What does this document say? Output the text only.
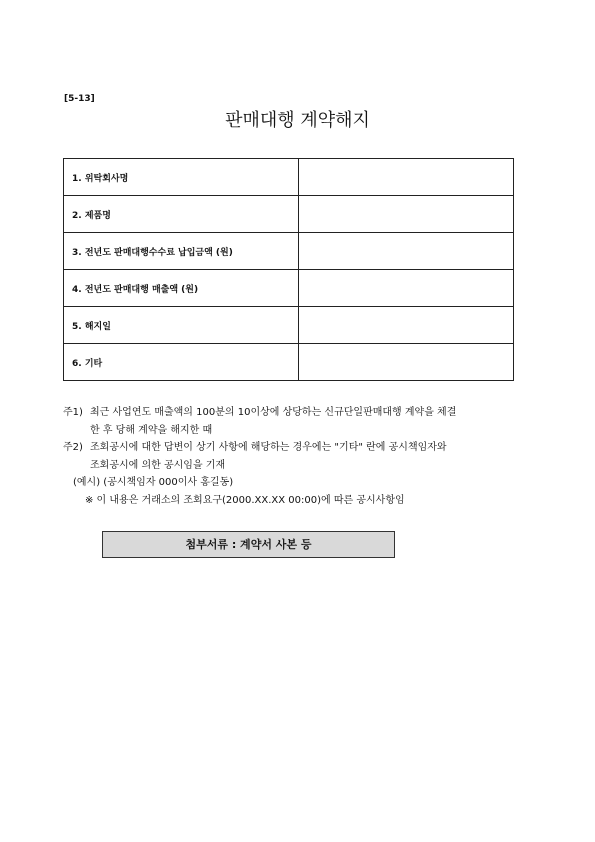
[5-13]
판매대행 계약해지
1. 위탁회사명	
2. 제품명	
3. 전년도 판매대행수수료 납입금액 (원)	
4. 전년도 판매대행 매출액 (원)	
5. 해지일	
6. 기타	
주1) 최근 사업연도 매출액의 100분의 10이상에 상당하는 신규단일판매대행 계약을 체결
한 후 당해 계약을 해지한 때
주2) 조회공시에 대한 답변이 상기 사항에 해당하는 경우에는 "기타" 란에 공시책임자와
조회공시에 의한 공시임을 기재
(예시) (공시책임자 000이사 홍길동)
※ 이 내용은 거래소의 조회요구(2000.XX.XX 00:00)에 따른 공시사항임
첨부서류 : 계약서 사본 등
